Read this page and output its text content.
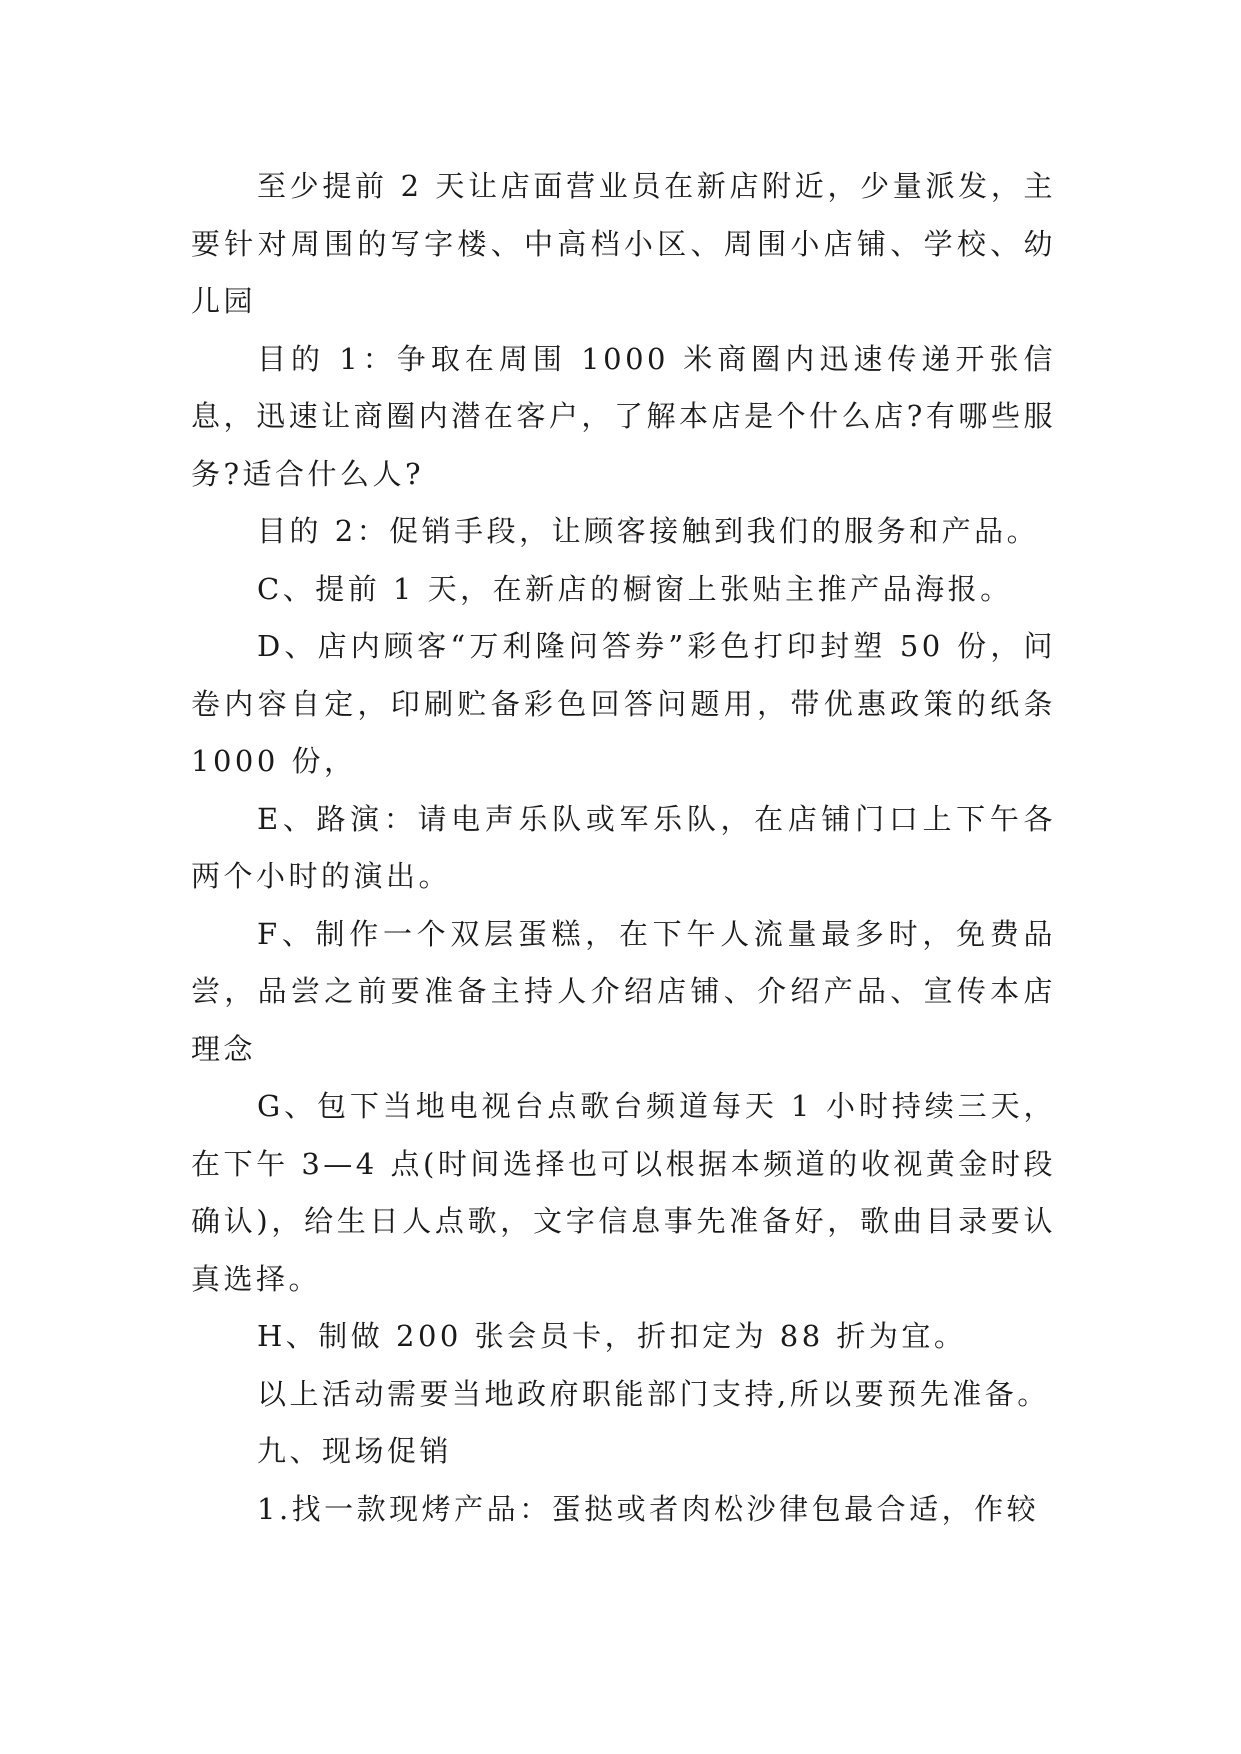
至少提前 2 天让店面营业员在新店附近，少量派发，主要针对周围的写字楼、中高档小区、周围小店铺、学校、幼儿园

目的 1：争取在周围 1000 米商圈内迅速传递开张信息，迅速让商圈内潜在客户，了解本店是个什么店?有哪些服务?适合什么人?

目的 2：促销手段，让顾客接触到我们的服务和产品。

C、提前 1 天，在新店的橱窗上张贴主推产品海报。

D、店内顾客“万利隆问答券”彩色打印封塑 50 份，问卷内容自定，印刷贮备彩色回答问题用，带优惠政策的纸条 1000 份，

E、路演：请电声乐队或军乐队，在店铺门口上下午各两个小时的演出。

F、制作一个双层蛋糕，在下午人流量最多时，免费品尝，品尝之前要准备主持人介绍店铺、介绍产品、宣传本店理念

G、包下当地电视台点歌台频道每天 1 小时持续三天，在下午 3—4 点(时间选择也可以根据本频道的收视黄金时段确认)，给生日人点歌，文字信息事先准备好，歌曲目录要认真选择。

H、制做 200 张会员卡，折扣定为 88 折为宜。

以上活动需要当地政府职能部门支持,所以要预先准备。

九、现场促销

1.找一款现烤产品：蛋挞或者肉松沙律包最合适，作较
